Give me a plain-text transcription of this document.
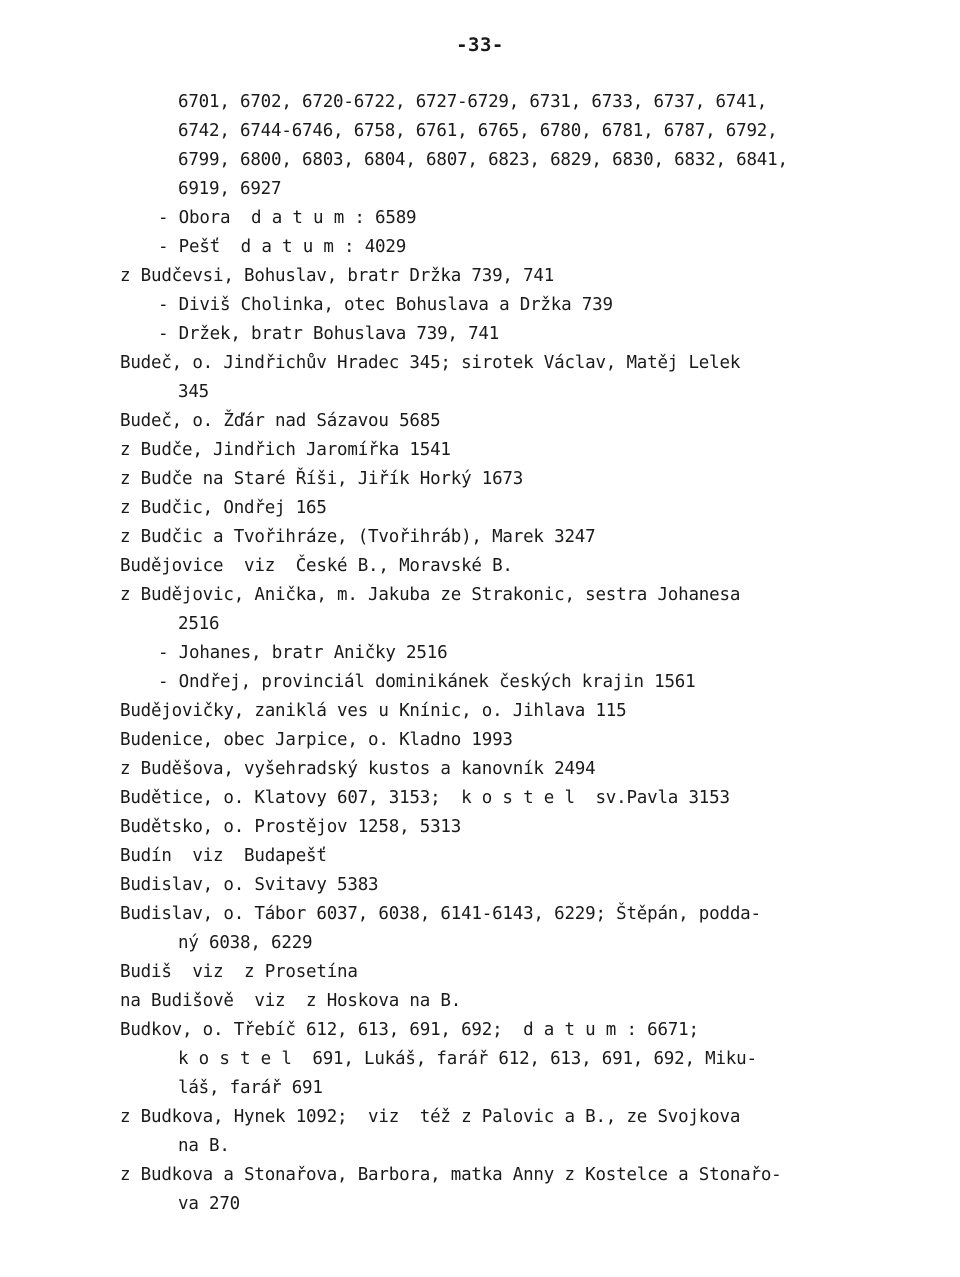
-33-
6701, 6702, 6720-6722, 6727-6729, 6731, 6733, 6737, 6741,
6742, 6744-6746, 6758, 6761, 6765, 6780, 6781, 6787, 6792,
6799, 6800, 6803, 6804, 6807, 6823, 6829, 6830, 6832, 6841,
6919, 6927
- Obora  d a t u m : 6589
- Pešť  d a t u m : 4029
z Budčevsi, Bohuslav, bratr Držka 739, 741
- Diviš Cholinka, otec Bohuslava a Držka 739
- Držek, bratr Bohuslava 739, 741
Budeč, o. Jindřichův Hradec 345; sirotek Václav, Matěj Lelek
345
Budeč, o. Žďár nad Sázavou 5685
z Budče, Jindřich Jaromířka 1541
z Budče na Staré Říši, Jiřík Horký 1673
z Budčic, Ondřej 165
z Budčic a Tvořihráze, (Tvořihráb), Marek 3247
Budějovice  viz  České B., Moravské B.
z Budějovic, Anička, m. Jakuba ze Strakonic, sestra Johanesa
2516
- Johanes, bratr Aničky 2516
- Ondřej, provinciál dominikánek českých krajin 1561
Budějovičky, zaniklá ves u Knínic, o. Jihlava 115
Budenice, obec Jarpice, o. Kladno 1993
z Buděšova, vyšehradský kustos a kanovník 2494
Budětice, o. Klatovy 607, 3153;  k o s t e l  sv.Pavla 3153
Budětsko, o. Prostějov 1258, 5313
Budín  viz  Budapešť
Budislav, o. Svitavy 5383
Budislav, o. Tábor 6037, 6038, 6141-6143, 6229; Štěpán, podda-
ný 6038, 6229
Budiš  viz  z Prosetína
na Budišově  viz  z Hoskova na B.
Budkov, o. Třebíč 612, 613, 691, 692;  d a t u m : 6671;
k o s t e l  691, Lukáš, farář 612, 613, 691, 692, Miku-
láš, farář 691
z Budkova, Hynek 1092;  viz  též z Palovic a B., ze Svojkova
na B.
z Budkova a Stonařova, Barbora, matka Anny z Kostelce a Stonařo-
va 270
